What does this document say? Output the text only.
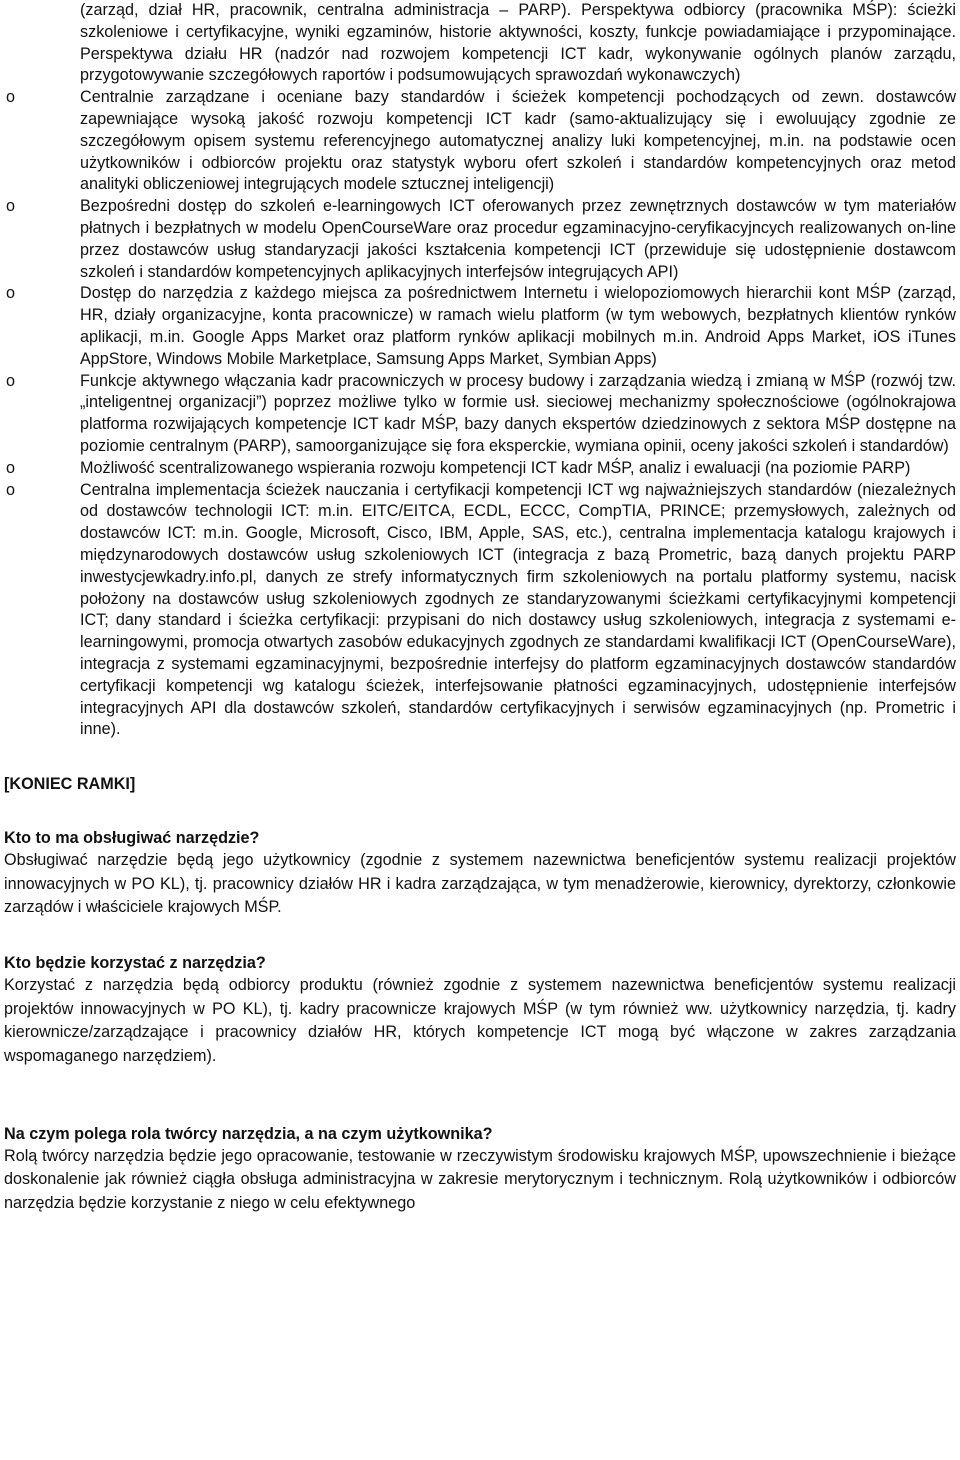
(zarząd, dział HR, pracownik, centralna administracja – PARP). Perspektywa odbiorcy (pracownika MŚP): ścieżki szkoleniowe i certyfikacyjne, wyniki egzaminów, historie aktywności, koszty, funkcje powiadamiające i przypominające. Perspektywa działu HR (nadzór nad rozwojem kompetencji ICT kadr, wykonywanie ogólnych planów zarządu, przygotowywanie szczegółowych raportów i podsumowujących sprawozdań wykonawczych)
o	Centralnie zarządzane i oceniane bazy standardów i ścieżek kompetencji pochodzących od zewn. dostawców zapewniające wysoką jakość rozwoju kompetencji ICT kadr (samo-aktualizujący się i ewoluujący zgodnie ze szczegółowym opisem systemu referencyjnego automatycznej analizy luki kompetencyjnej, m.in. na podstawie ocen użytkowników i odbiorców projektu oraz statystyk wyboru ofert szkoleń i standardów kompetencyjnych oraz metod analityki obliczeniowej integrujących modele sztucznej inteligencji)
o	Bezpośredni dostęp do szkoleń e-learningowych ICT oferowanych przez zewnętrznych dostawców w tym materiałów płatnych i bezpłatnych w modelu OpenCourseWare oraz procedur egzaminacyjno-ceryfikacyjncych realizowanych on-line przez dostawców usług standaryzacji jakości kształcenia kompetencji ICT (przewiduje się udostępnienie dostawcom szkoleń i standardów kompetencyjnych aplikacyjnych interfejsów integrujących API)
o	Dostęp do narzędzia z każdego miejsca za pośrednictwem Internetu i wielopoziomowych hierarchii kont MŚP (zarząd, HR, działy organizacyjne, konta pracownicze) w ramach wielu platform (w tym webowych, bezpłatnych klientów rynków aplikacji, m.in. Google Apps Market oraz platform rynków aplikacji mobilnych m.in. Android Apps Market, iOS iTunes AppStore, Windows Mobile Marketplace, Samsung Apps Market, Symbian Apps)
o	Funkcje aktywnego włączania kadr pracowniczych w procesy budowy i zarządzania wiedzą i zmianą w MŚP (rozwój tzw. „inteligentnej organizacji”) poprzez możliwe tylko w formie usł. sieciowej mechanizmy społecznościowe (ogólnokrajowa platforma rozwijających kompetencje ICT kadr MŚP, bazy danych ekspertów dziedzinowych z sektora MŚP dostępne na poziomie centralnym (PARP), samoorganizujące się fora eksperckie, wymiana opinii, oceny jakości szkoleń i standardów)
o	Możliwość scentralizowanego wspierania rozwoju kompetencji ICT kadr MŚP, analiz i ewaluacji (na poziomie PARP)
o	Centralna implementacja ścieżek nauczania i certyfikacji kompetencji ICT wg najważniejszych standardów (niezależnych od dostawców technologii ICT: m.in. EITC/EITCA, ECDL, ECCC, CompTIA, PRINCE; przemysłowych, zależnych od dostawców ICT: m.in. Google, Microsoft, Cisco, IBM, Apple, SAS, etc.), centralna implementacja katalogu krajowych i międzynarodowych dostawców usług szkoleniowych ICT (integracja z bazą Prometric, bazą danych projektu PARP inwestycjewkadry.info.pl, danych ze strefy informatycznych firm szkoleniowych na portalu platformy systemu, nacisk położony na dostawców usług szkoleniowych zgodnych ze standaryzowanymi ścieżkami certyfikacyjnymi kompetencji ICT; dany standard i ścieżka certyfikacji: przypisani do nich dostawcy usług szkoleniowych, integracja z systemami e-learningowymi, promocja otwartych zasobów edukacyjnych zgodnych ze standardami kwalifikacji ICT (OpenCourseWare), integracja z systemami egzaminacyjnymi, bezpośrednie interfejsy do platform egzaminacyjnych dostawców standardów certyfikacji kompetencji wg katalogu ścieżek, interfejsowanie płatności egzaminacyjnych, udostępnienie interfejsów integracyjnych API dla dostawców szkoleń, standardów certyfikacyjnych i serwisów egzaminacyjnych (np. Prometric i inne).
[KONIEC RAMKI]
Kto to ma obsługiwać narzędzie?

Obsługiwać narzędzie będą jego użytkownicy (zgodnie z systemem nazewnictwa beneficjentów systemu realizacji projektów innowacyjnych w PO KL), tj. pracownicy działów HR i kadra zarządzająca, w tym menadżerowie, kierownicy, dyrektorzy, członkowie zarządów i właściciele krajowych MŚP.

Kto będzie korzystać z narzędzia?

Korzystać z narzędzia będą odbiorcy produktu (również zgodnie z systemem nazewnictwa beneficjentów systemu realizacji projektów innowacyjnych w PO KL), tj. kadry pracownicze krajowych MŚP (w tym również ww. użytkownicy narzędzia, tj. kadry kierownicze/zarządzające i pracownicy działów HR, których kompetencje ICT mogą być włączone w zakres zarządzania wspomaganego narzędziem).

Na czym polega rola twórcy narzędzia, a na czym użytkownika?

Rolą twórcy narzędzia będzie jego opracowanie, testowanie w rzeczywistym środowisku krajowych MŚP, upowszechnienie i bieżące doskonalenie jak również ciągła obsługa administracyjna w zakresie merytorycznym i technicznym. Rolą użytkowników i odbiorców narzędzia będzie korzystanie z niego w celu efektywnego
